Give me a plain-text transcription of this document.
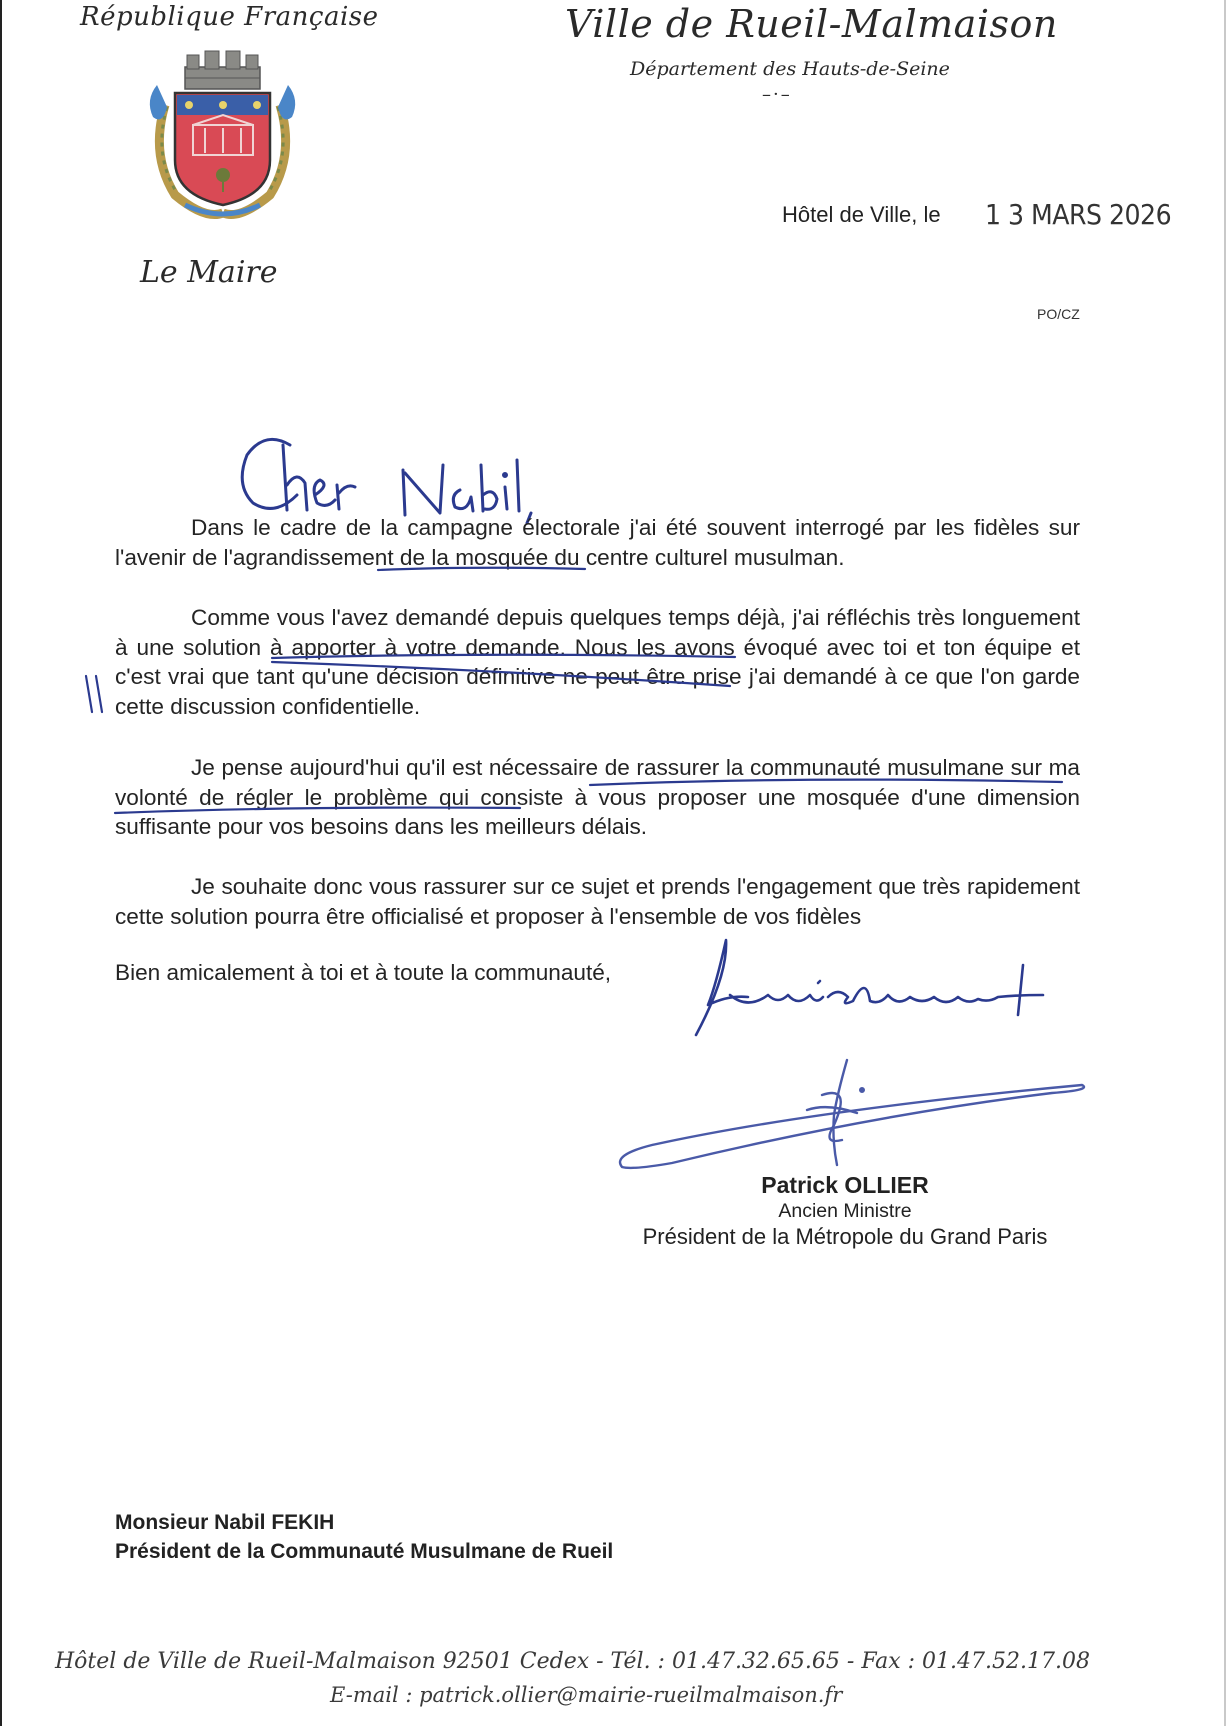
République Française	Ville de Rueil-Malmaison
Département des Hauts-de-Seine
–·–
Le Maire
Hôtel de Ville, le 1 3 MARS 2026
PO/CZ
Dans le cadre de la campagne électorale j'ai été souvent interrogé par les fidèles sur l'avenir de l'agrandissement de la mosquée du centre culturel musulman.
Comme vous l'avez demandé depuis quelques temps déjà, j'ai réfléchis très longuement à une solution à apporter à votre demande. Nous les avons évoqué avec toi et ton équipe et c'est vrai que tant qu'une décision définitive ne peut être prise j'ai demandé à ce que l'on garde cette discussion confidentielle.
Je pense aujourd'hui qu'il est nécessaire de rassurer la communauté musulmane sur ma volonté de régler le problème qui consiste à vous proposer une mosquée d'une dimension suffisante pour vos besoins dans les meilleurs délais.
Je souhaite donc vous rassurer sur ce sujet et prends l'engagement que très rapidement cette solution pourra être officialisé et proposer à l'ensemble de vos fidèles
Bien amicalement à toi et à toute la communauté,
Patrick OLLIER
Ancien Ministre
Président de la Métropole du Grand Paris
Monsieur Nabil FEKIH
Président de la Communauté Musulmane de Rueil
Hôtel de Ville de Rueil-Malmaison 92501 Cedex - Tél. : 01.47.32.65.65 - Fax : 01.47.52.17.08
E-mail : patrick.ollier@mairie-rueilmalmaison.fr
